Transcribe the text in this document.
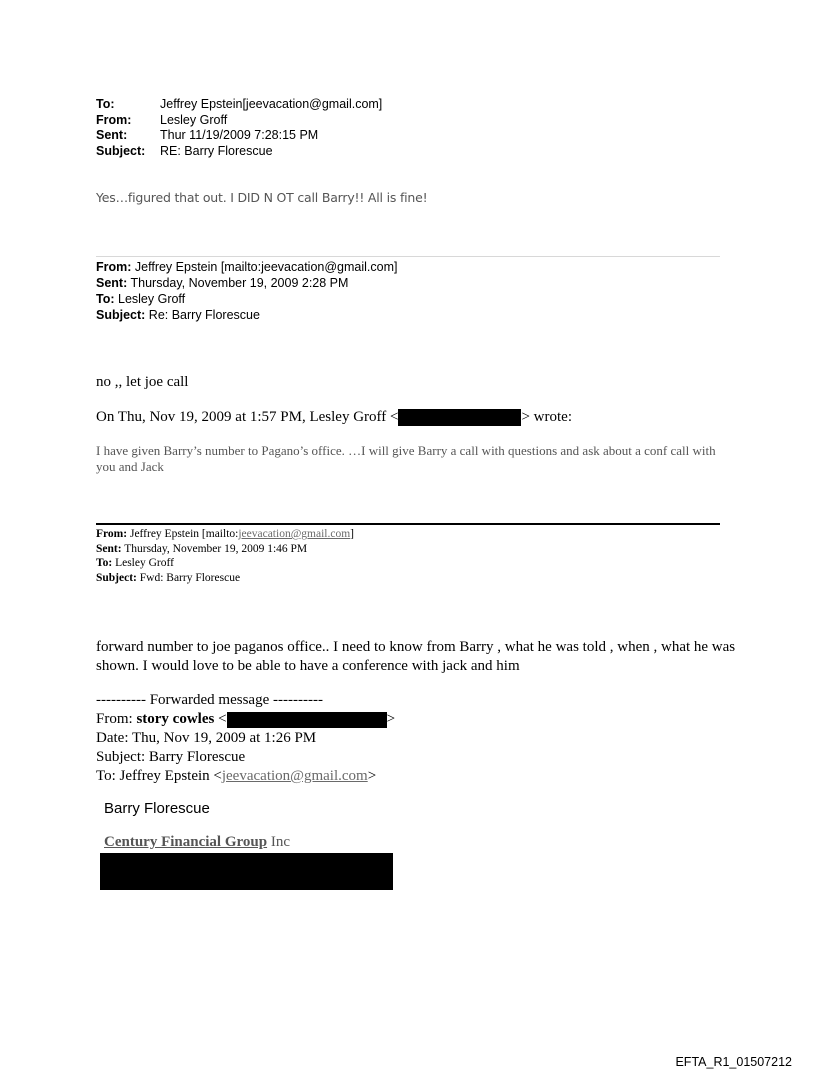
To:	Jeffrey Epstein[jeevacation@gmail.com]
From:	Lesley Groff
Sent:	Thur 11/19/2009 7:28:15 PM
Subject:	RE: Barry Florescue
Yes…figured that out. I DID N OT call Barry!! All is fine!
From: Jeffrey Epstein [mailto:jeevacation@gmail.com]
Sent: Thursday, November 19, 2009 2:28 PM
To: Lesley Groff
Subject: Re: Barry Florescue
no ,, let joe call
On Thu, Nov 19, 2009 at 1:57 PM, Lesley Groff <	> wrote:
I have given Barry’s number to Pagano’s office. …I will give Barry a call with questions and ask about a conf call with you and Jack
From: Jeffrey Epstein [mailto:jeevacation@gmail.com]
Sent: Thursday, November 19, 2009 1:46 PM
To: Lesley Groff
Subject: Fwd: Barry Florescue
forward number to joe paganos office.. I need to know from Barry , what he was told , when , what he was shown. I would love to be able to have a conference with jack and him
---------- Forwarded message ----------
From: story cowles <	>
Date: Thu, Nov 19, 2009 at 1:26 PM
Subject: Barry Florescue
To: Jeffrey Epstein < jeevacation@gmail.com >
Barry Florescue
Century Financial Group Inc
EFTA_R1_01507212
